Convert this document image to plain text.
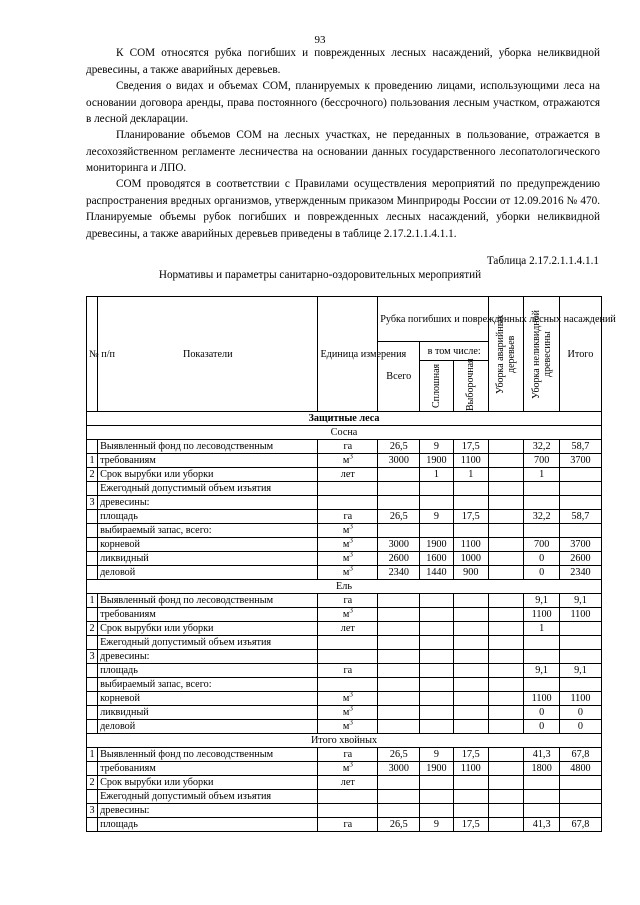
93

К СОМ относятся рубка погибших и поврежденных лесных насаждений, уборка неликвидной древесины, а также аварийных деревьев.

Сведения о видах и объемах СОМ, планируемых к проведению лицами, использующими леса на основании договора аренды, права постоянного (бессрочного) пользования лесным участком, отражаются в лесной декларации.

Планирование объемов СОМ на лесных участках, не переданных в пользование, отражается в лесохозяйственном регламенте лесничества на основании данных государственного лесопатологического мониторинга и ЛПО.

СОМ проводятся в соответствии с Правилами осуществления мероприятий по предупреждению распространения вредных организмов, утвержденным приказом Минприроды России от 12.09.2016 № 470. Планируемые объемы рубок погибших и поврежденных лесных насаждений, уборки неликвидной древесины, а также аварийных деревьев приведены в таблице 2.17.2.1.1.4.1.1.

Таблица 2.17.2.1.1.4.1.1
Нормативы и параметры санитарно-оздоровительных мероприятий
№ п/п	Показатели	Единица измерения	Рубка погибших и поврежденных лесных насаждений			Уборка аварийных деревьев	Уборка неликвидной древесины	Итого
			Всего	в том числе:				

				Сплошная	Выборочная			

Защитные леса								
Сосна								
	Выявленный фонд по лесоводственным	га	26,5	9	17,5		32,2	58,7
1	требованиям	$м^3$	3000	1900	1100		700	3700
2	Срок вырубки или уборки	лет		1	1		1	
	Ежегодный допустимый объем изъятия							
3	древесины:							
	площадь	га	26,5	9	17,5		32,2	58,7
	выбираемый запас, всего:	$м^3$						
	корневой	$м^3$	3000	1900	1100		700	3700
	ликвидный	$м^3$	2600	1600	1000		0	2600
	деловой	$м^3$	2340	1440	900		0	2340
Ель								
1	Выявленный фонд по лесоводственным	га					9,1	9,1
	требованиям	$м^3$					1100	1100
2	Срок вырубки или уборки	лет					1	
	Ежегодный допустимый объем изъятия							
3	древесины:							
	площадь	га					9,1	9,1
	выбираемый запас, всего:							
	корневой	$м^3$					1100	1100
	ликвидный	$м^3$					0	0
	деловой	$м^3$					0	0
Итого хвойных								
1	Выявленный фонд по лесоводственным	га	26,5	9	17,5		41,3	67,8
	требованиям	$м^3$	3000	1900	1100		1800	4800
2	Срок вырубки или уборки	лет						
	Ежегодный допустимый объем изъятия							
3	древесины:							
	площадь	га	26,5	9	17,5		41,3	67,8
